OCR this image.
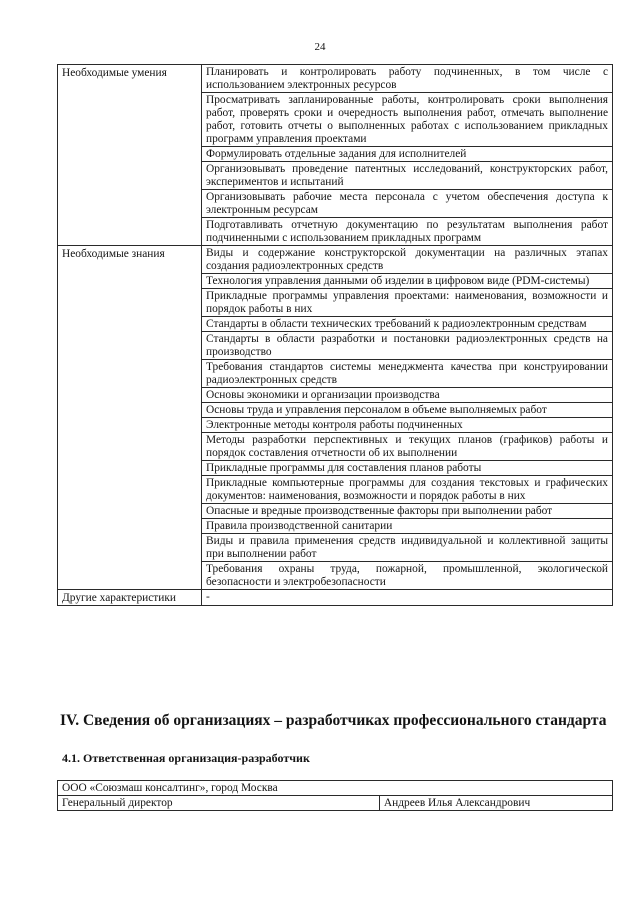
24
Необходимые умения	Планировать и контролировать работу подчиненных, в том числе с использованием электронных ресурсов
	Просматривать запланированные работы, контролировать сроки выполнения работ, проверять сроки и очередность выполнения работ, отмечать выполнение работ, готовить отчеты о выполненных работах с использованием прикладных программ управления проектами
	Формулировать отдельные задания для исполнителей
	Организовывать проведение патентных исследований, конструкторских работ, экспериментов и испытаний
	Организовывать рабочие места персонала с учетом обеспечения доступа к электронным ресурсам
	Подготавливать отчетную документацию по результатам выполнения работ подчиненными с использованием прикладных программ
Необходимые знания	Виды и содержание конструкторской документации на различных этапах создания радиоэлектронных средств
	Технология управления данными об изделии в цифровом виде (PDM-системы)
	Прикладные программы управления проектами: наименования, возможности и порядок работы в них
	Стандарты в области технических требований к радиоэлектронным средствам
	Стандарты в области разработки и постановки радиоэлектронных средств на производство
	Требования стандартов системы менеджмента качества при конструировании радиоэлектронных средств
	Основы экономики и организации производства
	Основы труда и управления персоналом в объеме выполняемых работ
	Электронные методы контроля работы подчиненных
	Методы разработки перспективных и текущих планов (графиков) работы и порядок составления отчетности об их выполнении
	Прикладные программы для составления планов работы
	Прикладные компьютерные программы для создания текстовых и графических документов: наименования, возможности и порядок работы в них
	Опасные и вредные производственные факторы при выполнении работ
	Правила производственной санитарии
	Виды и правила применения средств индивидуальной и коллективной защиты при выполнении работ
	Требования охраны труда, пожарной, промышленной, экологической безопасности и электробезопасности
Другие характеристики	-
IV. Сведения об организациях – разработчиках профессионального стандарта
4.1. Ответственная организация-разработчик
ООО «Союзмаш консалтинг», город Москва
Генеральный директор	Андреев Илья Александрович
